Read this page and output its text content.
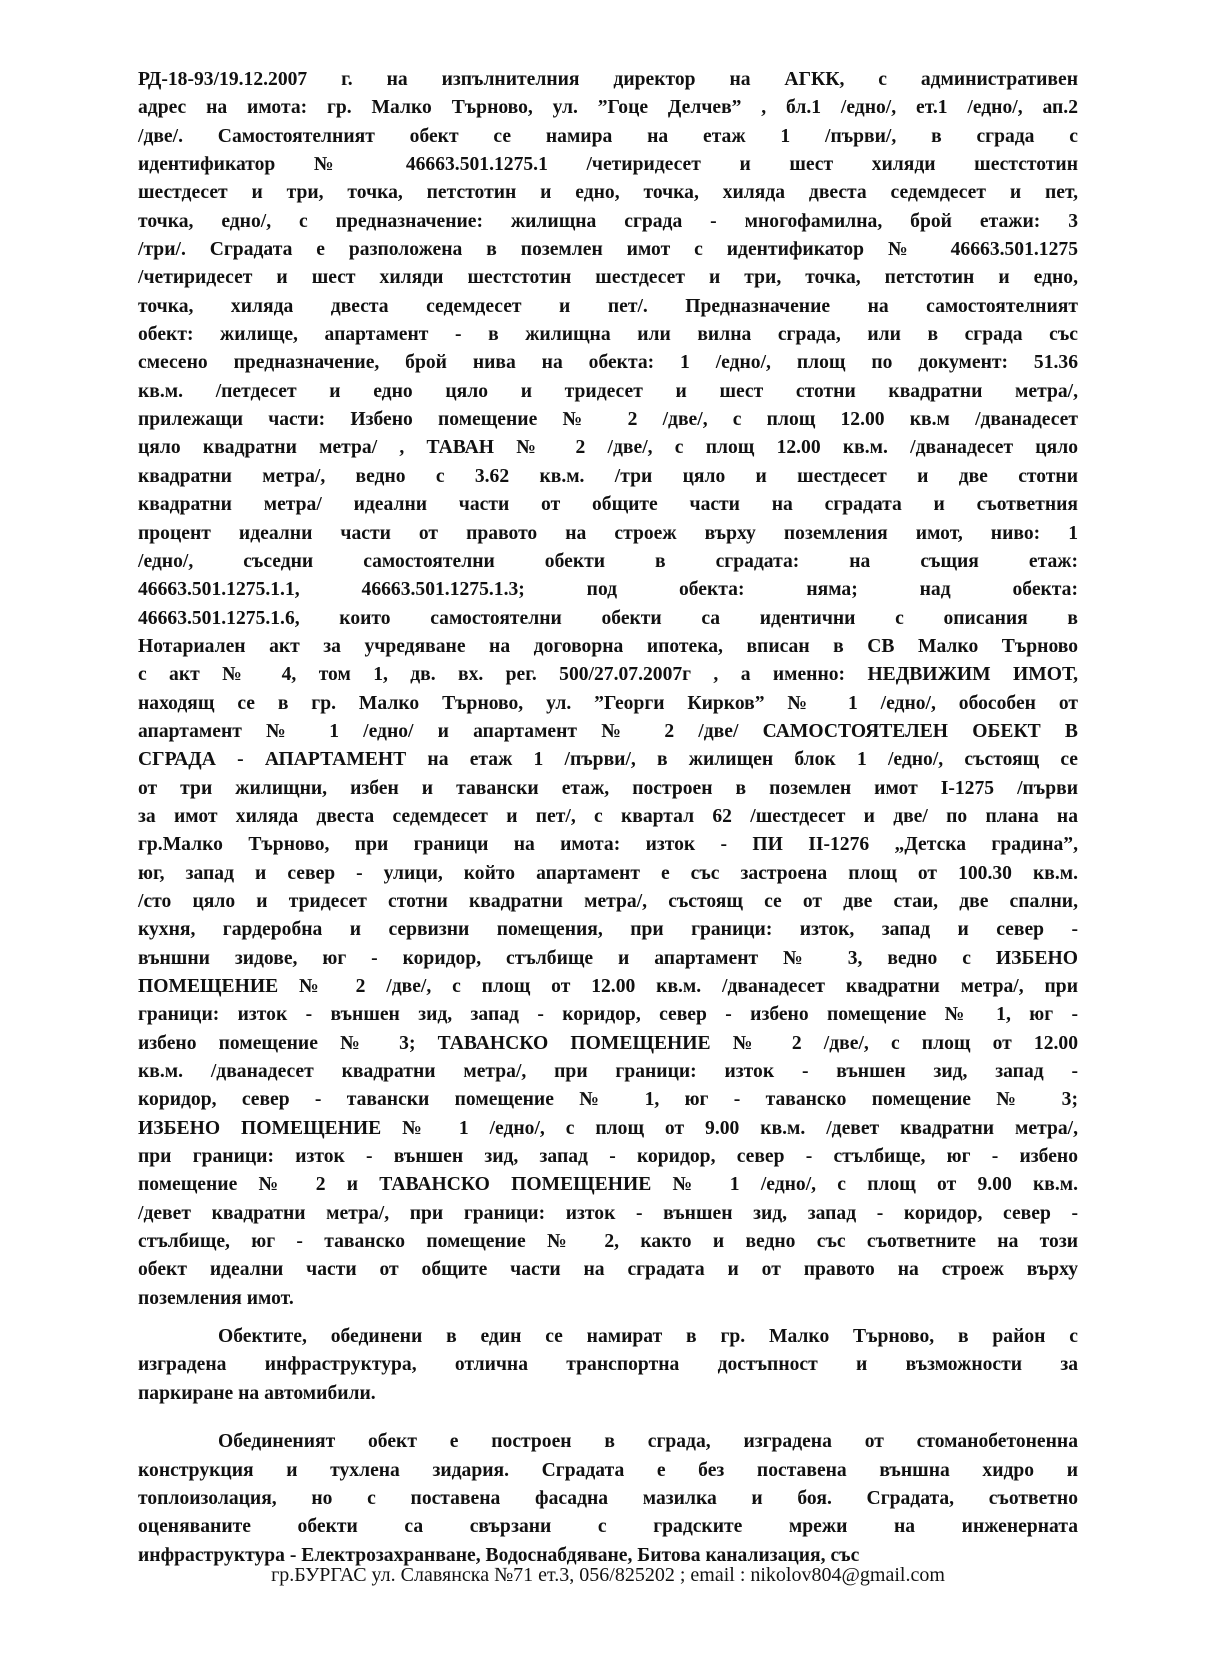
РД-18-93/19.12.2007 г. на изпълнителния директор на АГКК, с административен
адрес на имота: гр. Малко Търново, ул. ”Гоце Делчев” , бл.1 /едно/, ет.1 /едно/, ап.2
/две/. Самостоятелният обект се намира на етаж 1 /първи/, в сграда с
идентификатор № 46663.501.1275.1 /четиридесет и шест хиляди шестстотин
шестдесет и три, точка, петстотин и едно, точка, хиляда двеста седемдесет и пет,
точка, едно/, с предназначение: жилищна сграда - многофамилна, брой етажи: 3
/три/. Сградата е разположена в поземлен имот с идентификатор № 46663.501.1275
/четиридесет и шест хиляди шестстотин шестдесет и три, точка, петстотин и едно,
точка, хиляда двеста седемдесет и пет/. Предназначение на самостоятелният
обект: жилище, апартамент - в жилищна или вилна сграда, или в сграда със
смесено предназначение, брой нива на обекта: 1 /едно/, площ по документ: 51.36
кв.м. /петдесет и едно цяло и тридесет и шест стотни квадратни метра/,
прилежащи части: Избено помещение № 2 /две/, с площ 12.00 кв.м /дванадесет
цяло квадратни метра/ , ТАВАН № 2 /две/, с площ 12.00 кв.м. /дванадесет цяло
квадратни метра/, ведно с 3.62 кв.м. /три цяло и шестдесет и две стотни
квадратни метра/ идеални части от общите части на сградата и съответния
процент идеални части от правото на строеж върху поземления имот, ниво: 1
/едно/, съседни самостоятелни обекти в сградата: на същия етаж:
46663.501.1275.1.1, 46663.501.1275.1.3; под обекта: няма; над обекта:
46663.501.1275.1.6, които самостоятелни обекти са идентични с описания в
Нотариален акт за учредяване на договорна ипотека, вписан в СВ Малко Търново
с акт № 4, том 1, дв. вх. рег. 500/27.07.2007г , а именно: НЕДВИЖИМ ИМОТ,
находящ се в гр. Малко Търново, ул. ”Георги Кирков” № 1 /едно/, обособен от
апартамент № 1 /едно/ и апартамент № 2 /две/ САМОСТОЯТЕЛЕН ОБЕКТ В
СГРАДА - АПАРТАМЕНТ на етаж 1 /първи/, в жилищен блок 1 /едно/, състоящ се
от три жилищни, избен и тавански етаж, построен в поземлен имот I-1275 /първи
за имот хиляда двеста седемдесет и пет/, с квартал 62 /шестдесет и две/ по плана на
гр.Малко Търново, при граници на имота: изток - ПИ II-1276 „Детска градина”,
юг, запад и север - улици, който апартамент е със застроена площ от 100.30 кв.м.
/сто цяло и тридесет стотни квадратни метра/, състоящ се от две стаи, две спални,
кухня, гардеробна и сервизни помещения, при граници: изток, запад и север -
външни зидове, юг - коридор, стълбище и апартамент № 3, ведно с ИЗБЕНО
ПОМЕЩЕНИЕ № 2 /две/, с площ от 12.00 кв.м. /дванадесет квадратни метра/, при
граници: изток - външен зид, запад - коридор, север - избено помещение № 1, юг -
избено помещение № 3; ТАВАНСКО ПОМЕЩЕНИЕ № 2 /две/, с площ от 12.00
кв.м. /дванадесет квадратни метра/, при граници: изток - външен зид, запад -
коридор, север - тавански помещение № 1, юг - таванско помещение № 3;
ИЗБЕНО ПОМЕЩЕНИЕ № 1 /едно/, с площ от 9.00 кв.м. /девет квадратни метра/,
при граници: изток - външен зид, запад - коридор, север - стълбище, юг - избено
помещение № 2 и ТАВАНСКО ПОМЕЩЕНИЕ № 1 /едно/, с площ от 9.00 кв.м.
/девет квадратни метра/, при граници: изток - външен зид, запад - коридор, север -
стълбище, юг - таванско помещение № 2, както и ведно със съответните на този
обект идеални части от общите части на сградата и от правото на строеж върху
поземления имот.
Обектите, обединени в един се намират в гр. Малко Търново, в район с
изградена инфраструктура, отлична транспортна достъпност и възможности за
паркиране на автомибили.
Обединеният обект е построен в сграда, изградена от стоманобетоненна
конструкция и тухлена зидария. Сградата е без поставена външна хидро и
топлоизолация, но с поставена фасадна мазилка и боя. Сградата, съответно
оценяваните обекти са свързани с градските мрежи на инженерната
инфраструктура - Електрозахранване, Водоснабдяване, Битова канализация, със
гр.БУРГАС ул. Славянска №71 ет.3, 056/825202 ; email : nikolov804@gmail.com
